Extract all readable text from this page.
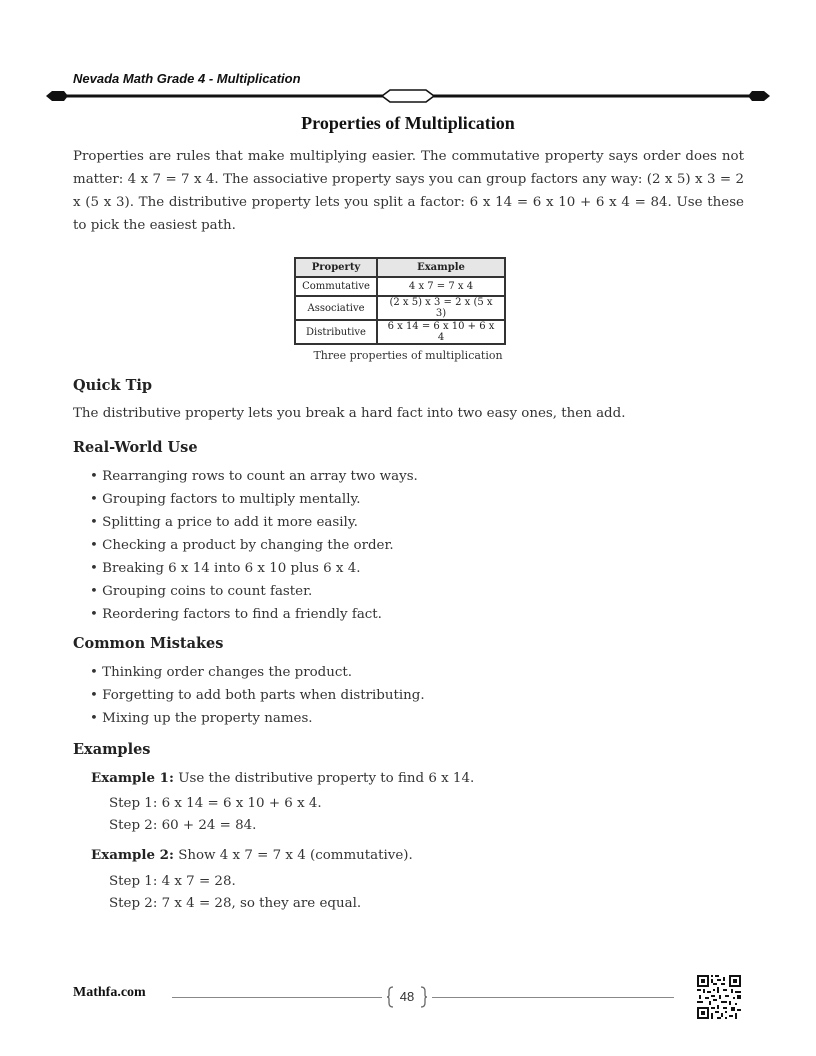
Nevada Math Grade 4 - Multiplication
Properties of Multiplication

Properties are rules that make multiplying easier. The commutative property says order does not matter: 4 x 7 = 7 x 4. The associative property says you can group factors any way: (2 x 5) x 3 = 2 x (5 x 3). The distributive property lets you split a factor: 6 x 14 = 6 x 10 + 6 x 4 = 84. Use these to pick the easiest path.

Property	Example
Commutative	4 x 7 = 7 x 4
Associative	(2 x 5) x 3 = 2 x (5 x 3)
Distributive	6 x 14 = 6 x 10 + 6 x 4
Three properties of multiplication
Quick Tip

The distributive property lets you break a hard fact into two easy ones, then add.

Real-World Use
• Rearranging rows to count an array two ways.
• Grouping factors to multiply mentally.
• Splitting a price to add it more easily.
• Checking a product by changing the order.
• Breaking 6 x 14 into 6 x 10 plus 6 x 4.
• Grouping coins to count faster.
• Reordering factors to find a friendly fact.
Common Mistakes
• Thinking order changes the product.
• Forgetting to add both parts when distributing.
• Mixing up the property names.
Examples
Example 1: Use the distributive property to find 6 x 14.
Step 1: 6 x 14 = 6 x 10 + 6 x 4.
Step 2: 60 + 24 = 84.
Example 2: Show 4 x 7 = 7 x 4 (commutative).
Step 1: 4 x 7 = 28.
Step 2: 7 x 4 = 28, so they are equal.
Mathfa.com	48
